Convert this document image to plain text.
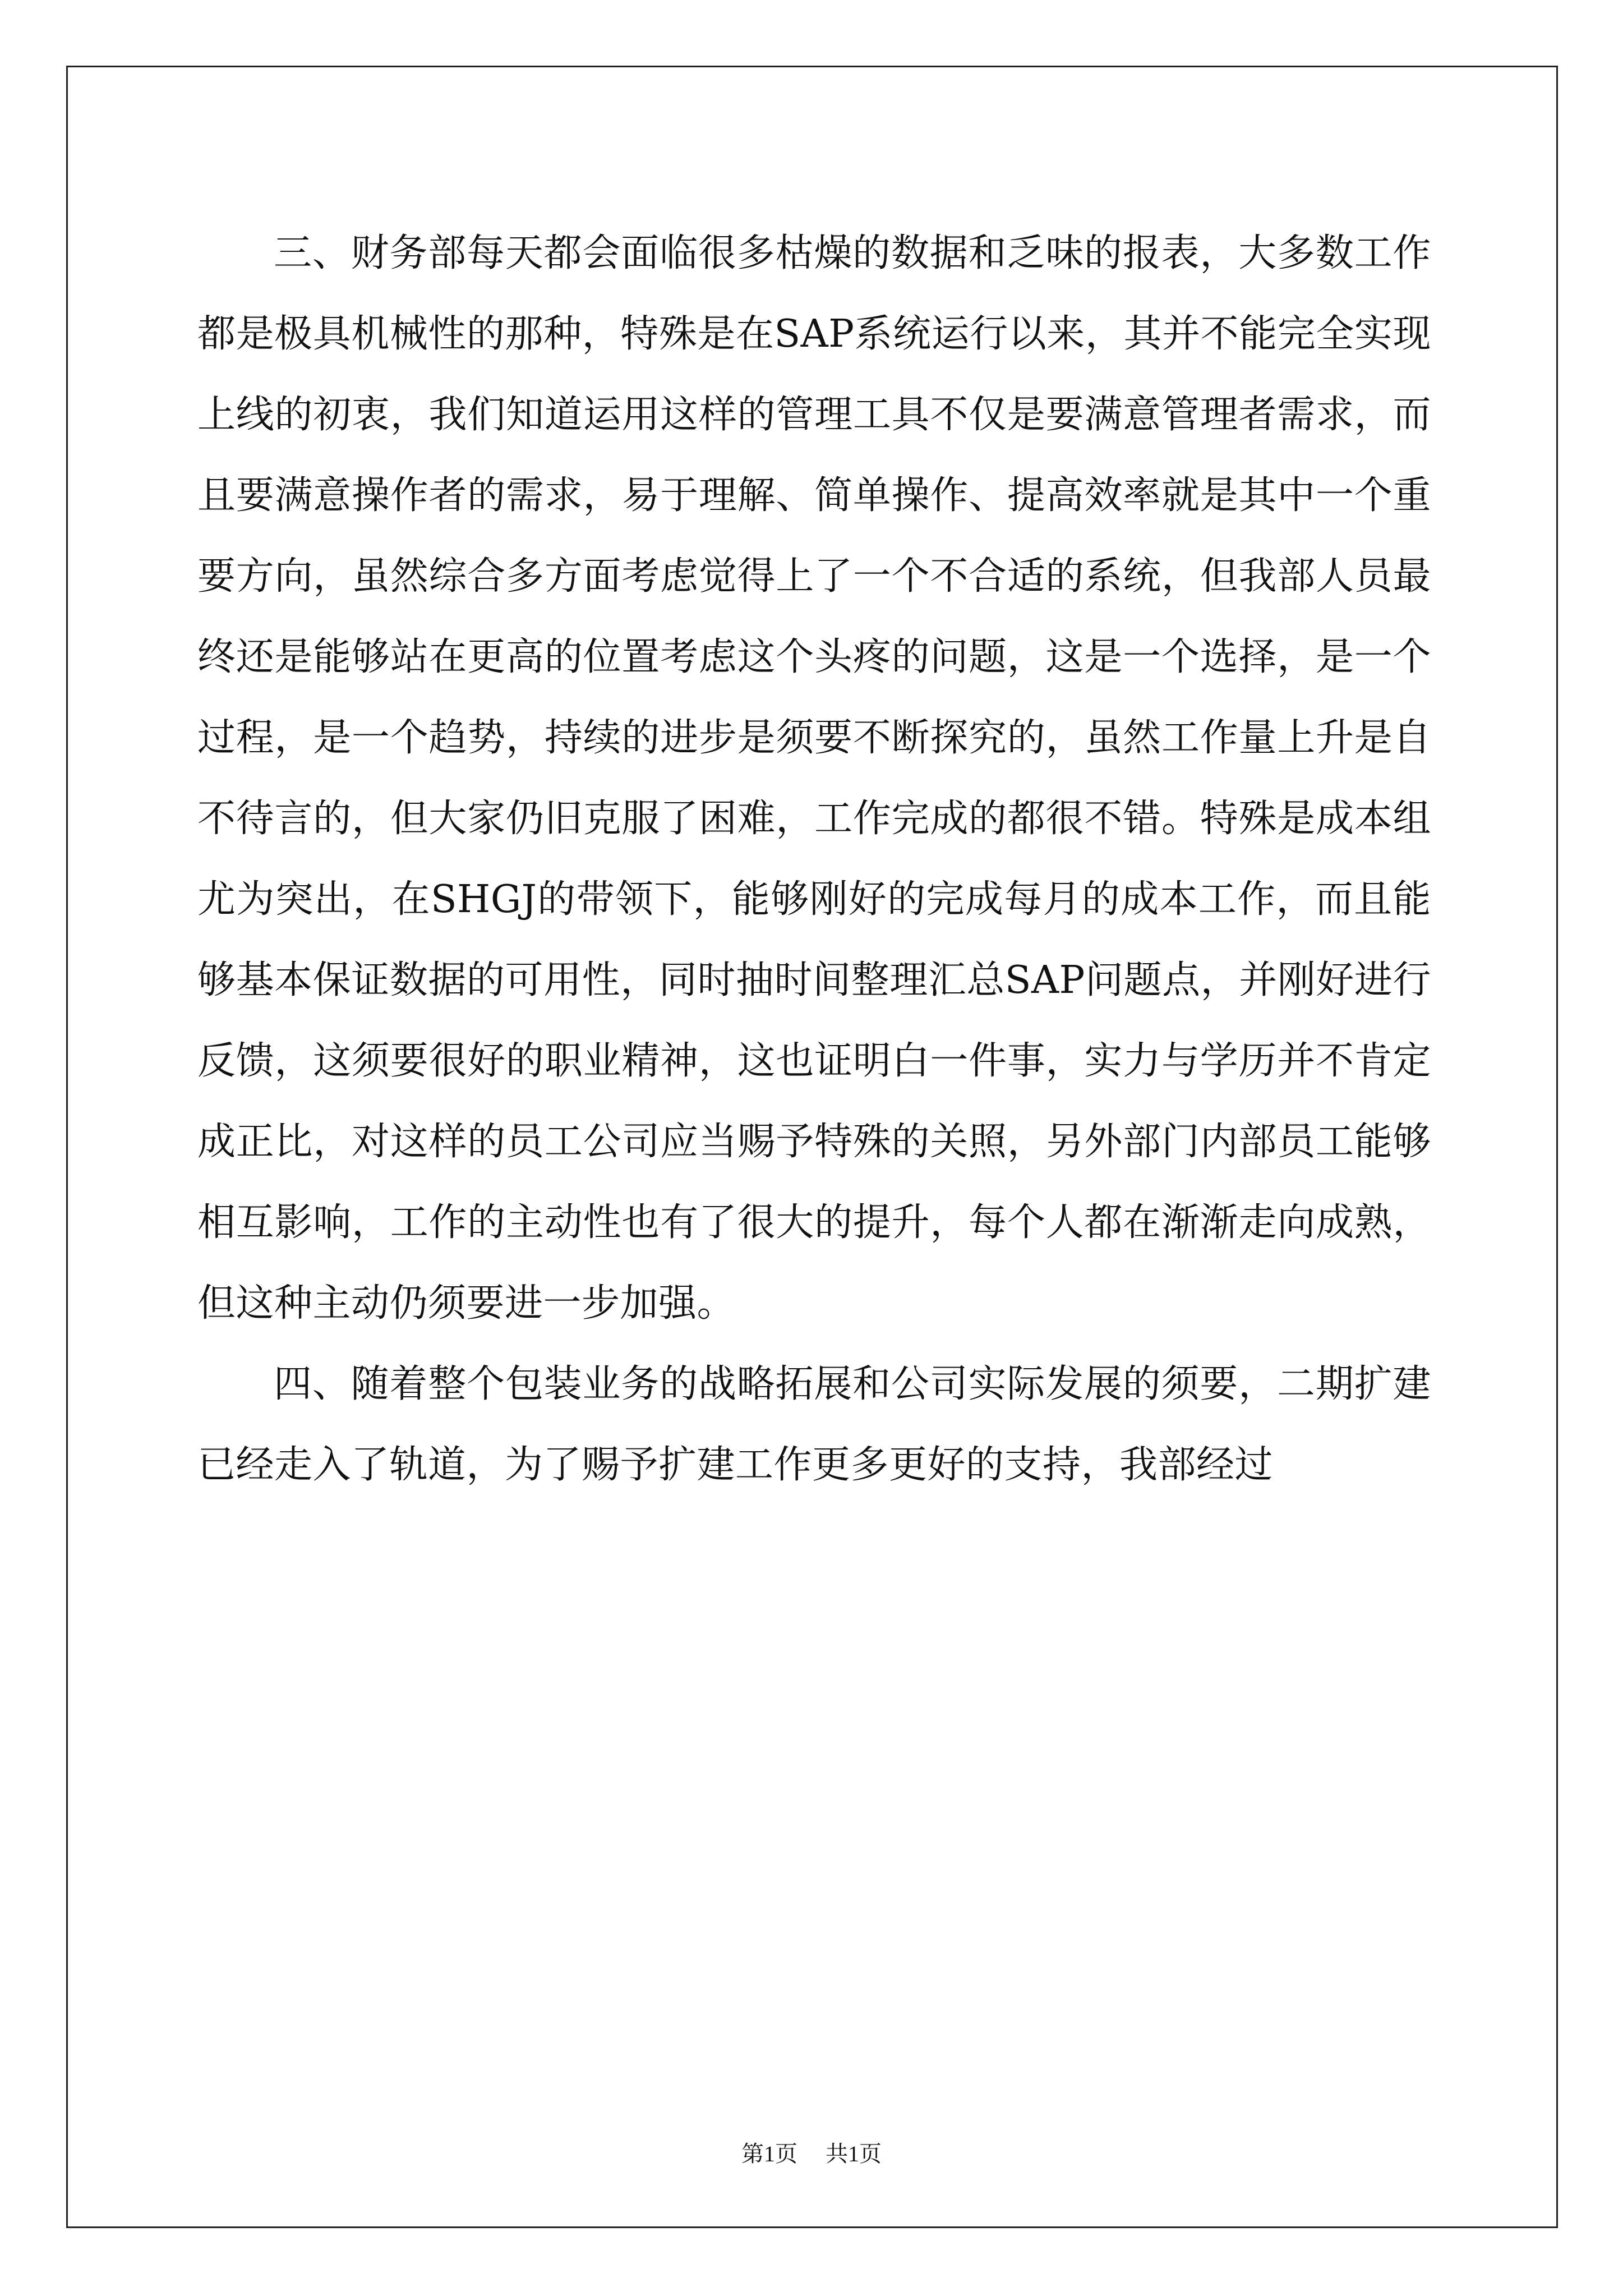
三、财务部每天都会面临很多枯燥的数据和乏味的报表，大多数工作都是极具机械性的那种，特殊是在SAP系统运行以来，其并不能完全实现上线的初衷，我们知道运用这样的管理工具不仅是要满意管理者需求，而且要满意操作者的需求，易于理解、简单操作、提高效率就是其中一个重要方向，虽然综合多方面考虑觉得上了一个不合适的系统，但我部人员最终还是能够站在更高的位置考虑这个头疼的问题，这是一个选择，是一个过程，是一个趋势，持续的进步是须要不断探究的，虽然工作量上升是自不待言的，但大家仍旧克服了困难，工作完成的都很不错。特殊是成本组尤为突出，在SHGJ的带领下，能够刚好的完成每月的成本工作，而且能够基本保证数据的可用性，同时抽时间整理汇总SAP问题点，并刚好进行反馈，这须要很好的职业精神，这也证明白一件事，实力与学历并不肯定成正比，对这样的员工公司应当赐予特殊的关照，另外部门内部员工能够相互影响，工作的主动性也有了很大的提升，每个人都在渐渐走向成熟，但这种主动仍须要进一步加强。

四、随着整个包装业务的战略拓展和公司实际发展的须要，二期扩建已经走入了轨道，为了赐予扩建工作更多更好的支持，我部经过

第1页 共1页
